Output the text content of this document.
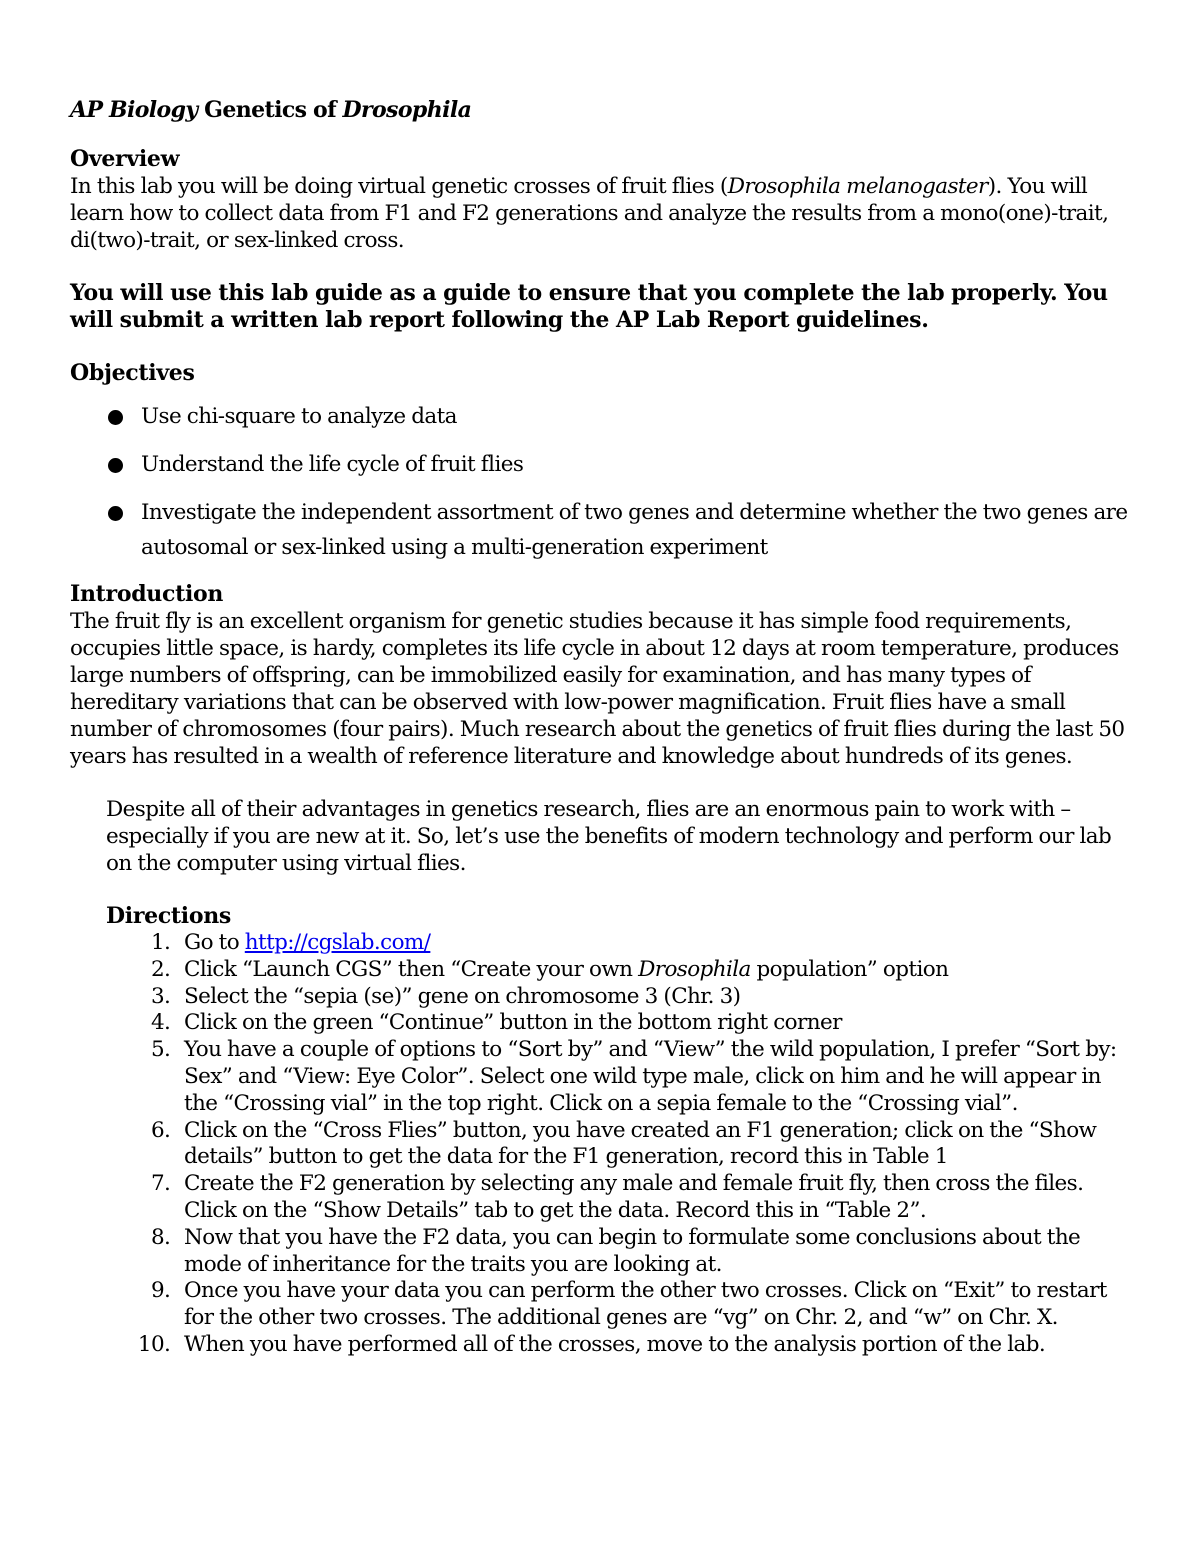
AP Biology Genetics of Drosophila
Overview

In this lab you will be doing virtual genetic crosses of fruit flies (Drosophila melanogaster). You will learn how to collect data from F1 and F2 generations and analyze the results from a mono(one)-trait, di(two)-trait, or sex-linked cross.

You will use this lab guide as a guide to ensure that you complete the lab properly. You will submit a written lab report following the AP Lab Report guidelines.

Objectives
Use chi-square to analyze data
Understand the life cycle of fruit flies
Investigate the independent assortment of two genes and determine whether the two genes are autosomal or sex-linked using a multi-generation experiment
Introduction

The fruit fly is an excellent organism for genetic studies because it has simple food requirements, occupies little space, is hardy, completes its life cycle in about 12 days at room temperature, produces large numbers of offspring, can be immobilized easily for examination, and has many types of hereditary variations that can be observed with low-power magnification. Fruit flies have a small number of chromosomes (four pairs). Much research about the genetics of fruit flies during the last 50 years has resulted in a wealth of reference literature and knowledge about hundreds of its genes.

Despite all of their advantages in genetics research, flies are an enormous pain to work with – especially if you are new at it. So, let’s use the benefits of modern technology and perform our lab on the computer using virtual flies.

Directions
1. Go to http://cgslab.com/
2. Click “Launch CGS” then “Create your own Drosophila population” option
3. Select the “sepia (se)” gene on chromosome 3 (Chr. 3)
4. Click on the green “Continue” button in the bottom right corner
5. You have a couple of options to “Sort by” and “View” the wild population, I prefer “Sort by: Sex” and “View: Eye Color”. Select one wild type male, click on him and he will appear in the “Crossing vial” in the top right. Click on a sepia female to the “Crossing vial”.
6. Click on the “Cross Flies” button, you have created an F1 generation; click on the “Show details” button to get the data for the F1 generation, record this in Table 1
7. Create the F2 generation by selecting any male and female fruit fly, then cross the files. Click on the “Show Details” tab to get the data. Record this in “Table 2”.
8. Now that you have the F2 data, you can begin to formulate some conclusions about the mode of inheritance for the traits you are looking at.
9. Once you have your data you can perform the other two crosses. Click on “Exit” to restart for the other two crosses. The additional genes are “vg” on Chr. 2, and “w” on Chr. X.
10. When you have performed all of the crosses, move to the analysis portion of the lab.
